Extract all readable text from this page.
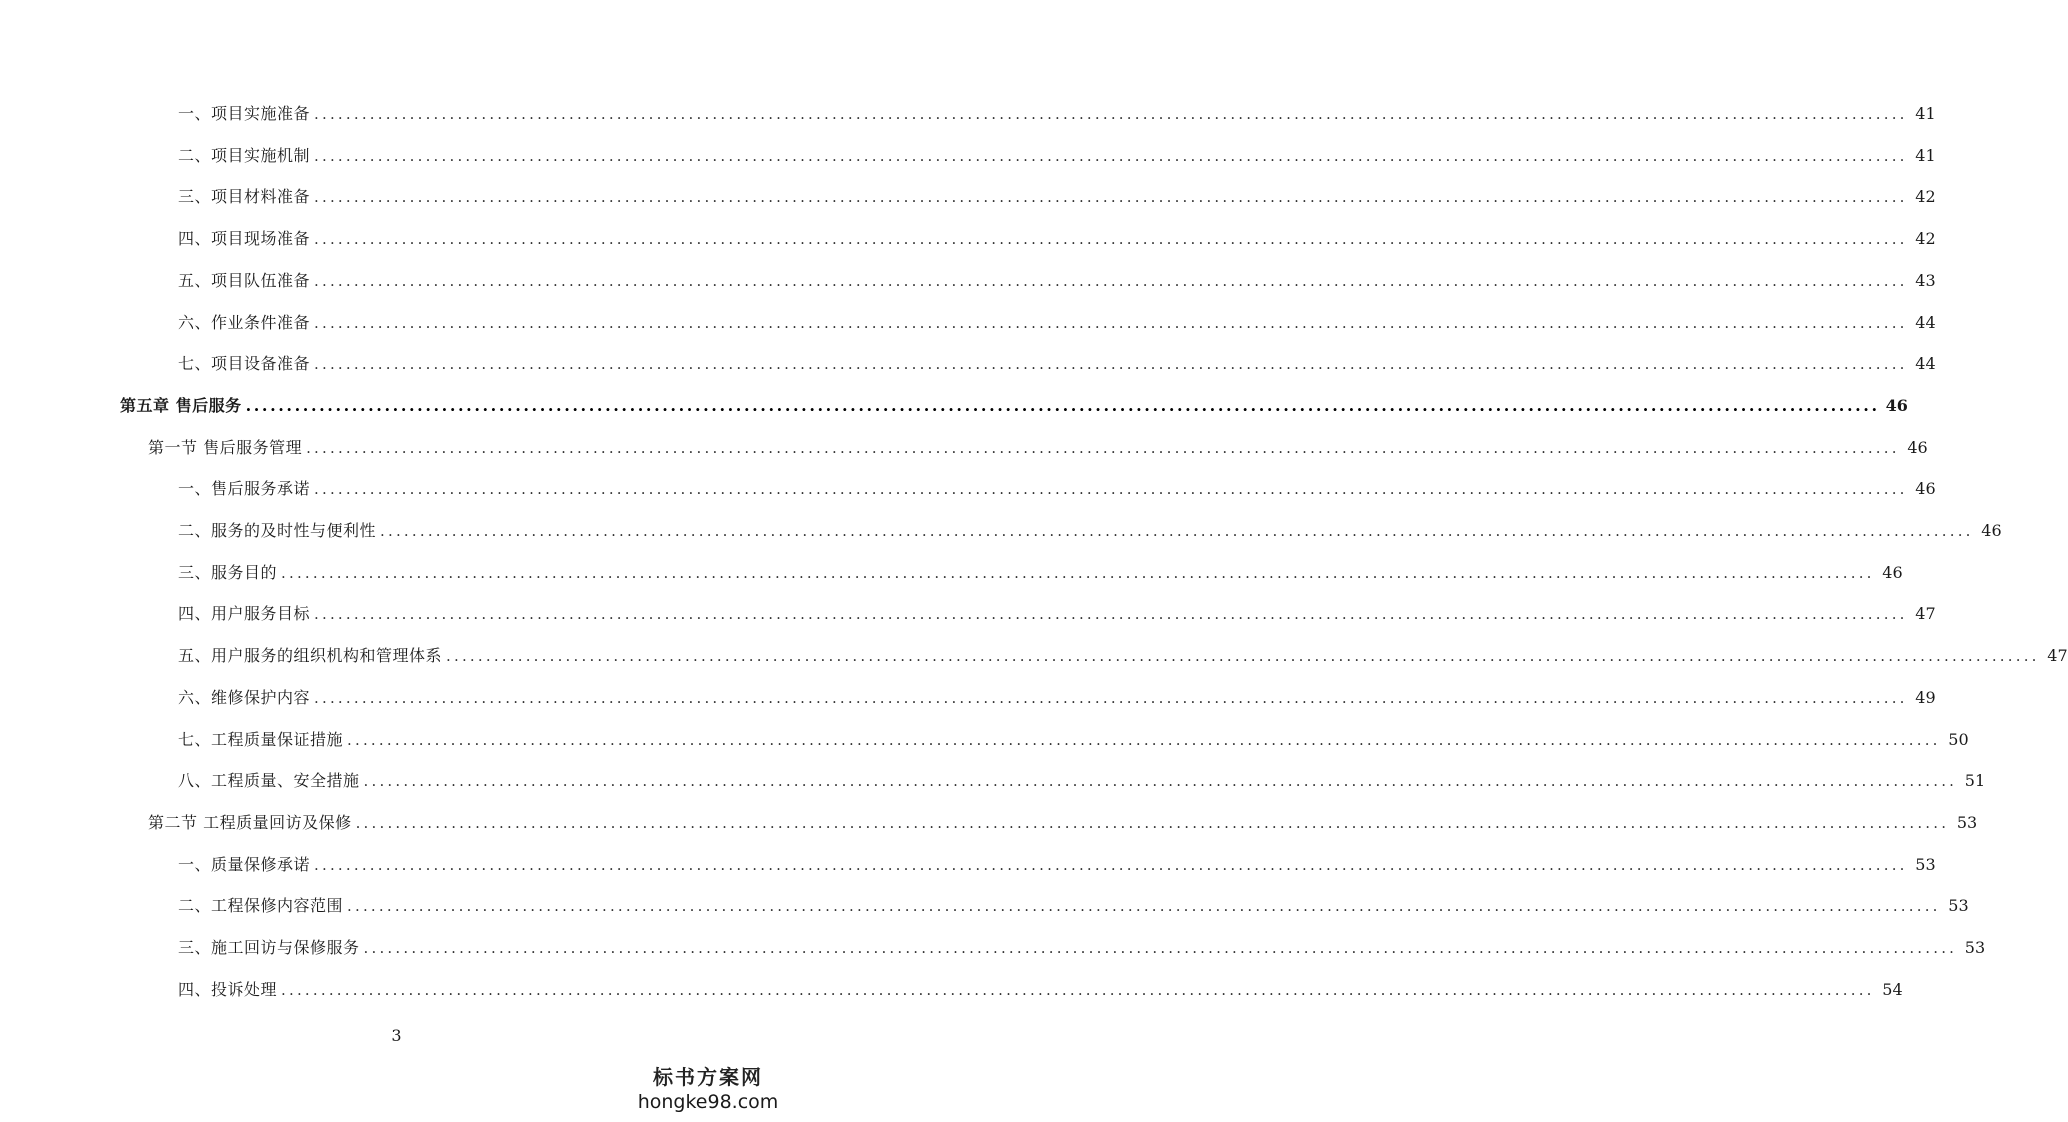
一、项目实施准备 ........................................................................................................................................................................................................ 41
二、项目实施机制 ........................................................................................................................................................................................................ 41
三、项目材料准备 ........................................................................................................................................................................................................ 42
四、项目现场准备 ........................................................................................................................................................................................................ 42
五、项目队伍准备 ........................................................................................................................................................................................................ 43
六、作业条件准备 ........................................................................................................................................................................................................ 44
七、项目设备准备 ........................................................................................................................................................................................................ 44
第五章 售后服务 ........................................................................................................................................................................................................ 46
第一节 售后服务管理 ........................................................................................................................................................................................................ 46
一、售后服务承诺 ........................................................................................................................................................................................................ 46
二、服务的及时性与便利性 ........................................................................................................................................................................................................ 46
三、服务目的 ........................................................................................................................................................................................................ 46
四、用户服务目标 ........................................................................................................................................................................................................ 47
五、用户服务的组织机构和管理体系 ........................................................................................................................................................................................................ 47
六、维修保护内容 ........................................................................................................................................................................................................ 49
七、工程质量保证措施 ........................................................................................................................................................................................................ 50
八、工程质量、安全措施 ........................................................................................................................................................................................................ 51
第二节 工程质量回访及保修 ........................................................................................................................................................................................................ 53
一、质量保修承诺 ........................................................................................................................................................................................................ 53
二、工程保修内容范围 ........................................................................................................................................................................................................ 53
三、施工回访与保修服务 ........................................................................................................................................................................................................ 53
四、投诉处理 ........................................................................................................................................................................................................ 54
3
标书方案网
hongke98.com
